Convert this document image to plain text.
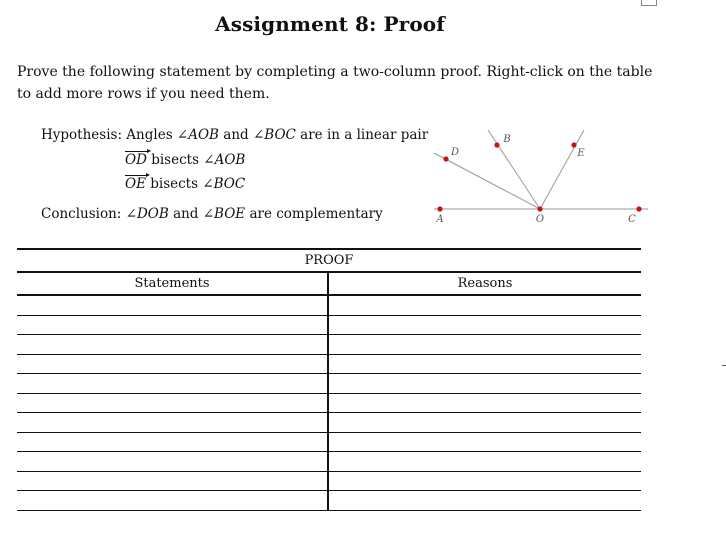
Assignment 8: Proof
Prove the following statement by completing a two-column proof. Right-click on the table to add more rows if you need them.
Hypothesis: Angles ∠AOB and ∠BOC are in a linear pair
OD bisects ∠AOB
OE bisects ∠BOC
Conclusion: ∠DOB and ∠BOE are complementary	A
D
B
E
O	C
PROOF	
Statements	Reasons
